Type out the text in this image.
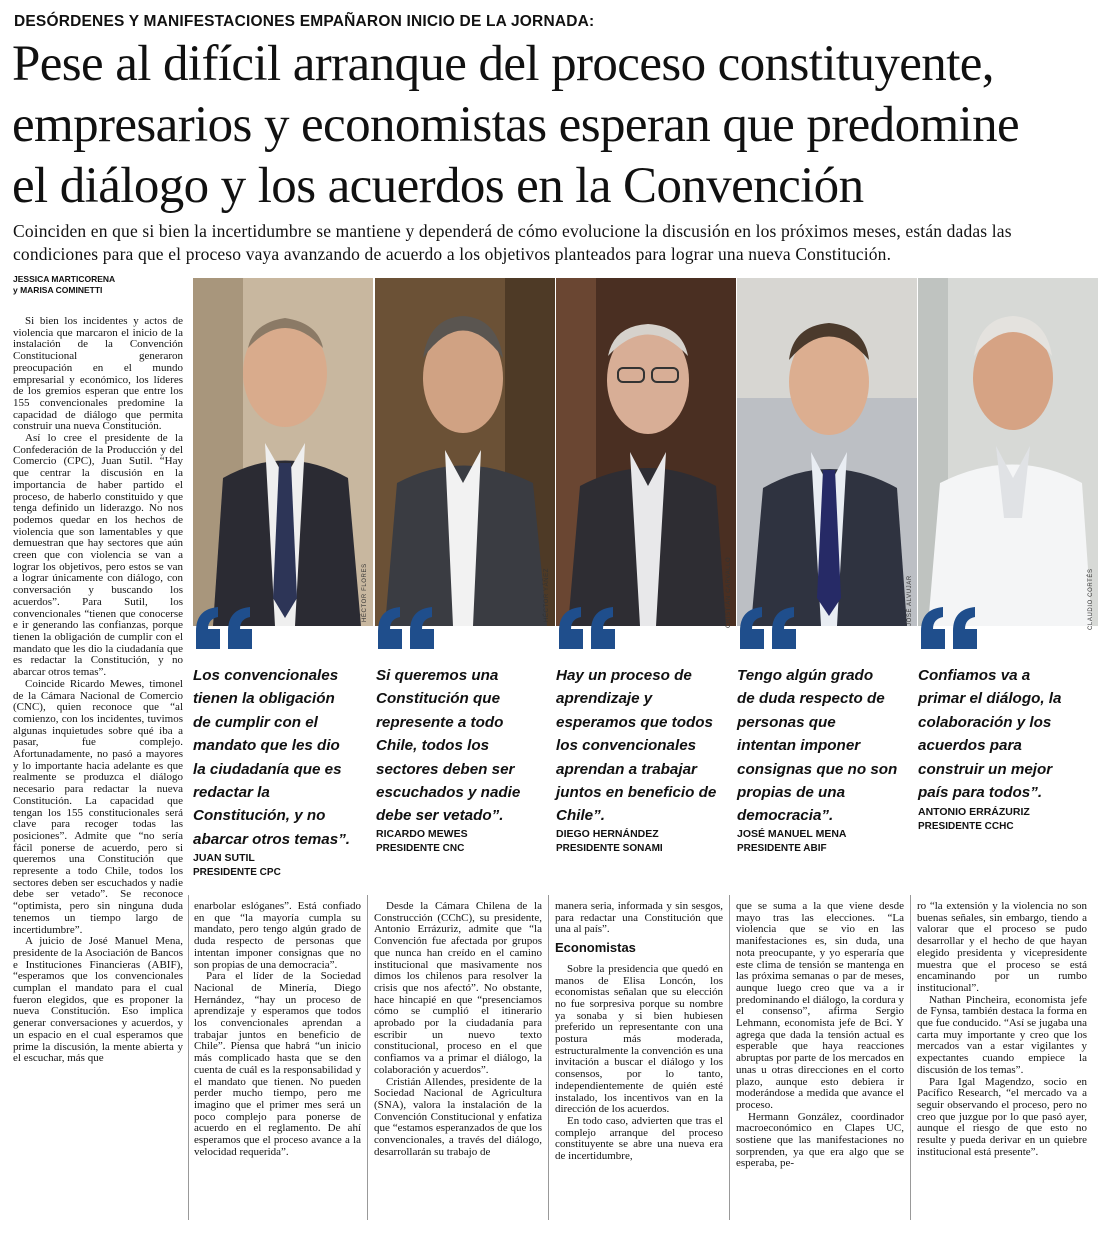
DESÓRDENES Y MANIFESTACIONES EMPAÑARON INICIO DE LA JORNADA:
Pese al difícil arranque del proceso constituyente,
empresarios y economistas esperan que predomine
el diálogo y los acuerdos en la Convención

Coinciden en que si bien la incertidumbre se mantiene y dependerá de cómo evolucione la discusión en los próximos meses, están dadas las
condiciones para que el proceso vaya avanzando de acuerdo a los objetivos planteados para lograr una nueva Constitución.

JESSICA MARTICORENA
y MARISA COMINETTI

Si bien los incidentes y actos de violencia que marcaron el inicio de la instalación de la Convención Constitucional generaron preocupación en el mundo empresarial y económico, los líderes de los gremios esperan que entre los 155 convencionales predomine la capacidad de diálogo que permita construir una nueva Constitución.

Así lo cree el presidente de la Confederación de la Producción y del Comercio (CPC), Juan Sutil. “Hay que centrar la discusión en la importancia de haber partido el proceso, de haberlo constituido y que tenga definido un liderazgo. No nos podemos quedar en los hechos de violencia que son lamentables y que demuestran que hay sectores que aún creen que con violencia se van a lograr los objetivos, pero estos se van a lograr únicamente con diálogo, con conversación y buscando los acuerdos”. Para Sutil, los convencionales “tienen que conocerse e ir generando las confianzas, porque tienen la obligación de cumplir con el mandato que les dio la ciudadanía que es redactar la Constitución, y no abarcar otros temas”.

Coincide Ricardo Mewes, timonel de la Cámara Nacional de Comercio (CNC), quien reconoce que “al comienzo, con los incidentes, tuvimos algunas inquietudes sobre qué iba a pasar, fue complejo. Afortunadamente, no pasó a mayores y lo importante hacia adelante es que realmente se produzca el diálogo necesario para redactar la nueva Constitución. La capacidad que tengan los 155 constitucionales será clave para recoger todas las posiciones”. Admite que “no sería fácil ponerse de acuerdo, pero si queremos una Constitución que represente a todo Chile, todos los sectores deben ser escuchados y nadie debe ser vetado”. Se reconoce “optimista, pero sin ninguna duda tenemos un tiempo largo de incertidumbre”.

A juicio de José Manuel Mena, presidente de la Asociación de Bancos e Instituciones Financieras (ABIF), “esperamos que los convencionales cumplan el mandato para el cual fueron elegidos, que es proponer la nueva Constitución. Eso implica generar conversaciones y acuerdos, y un espacio en el cual esperamos que prime la discusión, la mente abierta y el escuchar, más que

HÉCTOR FLORES

Los convencionales
tienen la obligación
de cumplir con el
mandato que les dio
la ciudadanía que es
redactar la
Constitución, y no
abarcar otros temas”.

JUAN SUTIL
PRESIDENTE CPC
HÉCTOR YÁÑEZ

Si queremos una
Constitución que
represente a todo
Chile, todos los
sectores deben ser
escuchados y nadie
debe ser vetado”.

RICARDO MEWES
PRESIDENTE CNC
CRISTIÁN CARVALLO

Hay un proceso de
aprendizaje y
esperamos que todos
los convencionales
aprendan a trabajar
juntos en beneficio de
Chile”.

DIEGO HERNÁNDEZ
PRESIDENTE SONAMI
JOSÉ ALVUJAR

Tengo algún grado
de duda respecto de
personas que
intentan imponer
consignas que no son
propias de una
democracia”.

JOSÉ MANUEL MENA
PRESIDENTE ABIF
CLAUDIO CORTÉS

Confiamos va a
primar el diálogo, la
colaboración y los
acuerdos para
construir un mejor
país para todos”.

ANTONIO ERRÁZURIZ
PRESIDENTE CCHC

enarbolar eslóganes”. Está confiado en que “la mayoría cumpla su mandato, pero tengo algún grado de duda respecto de personas que intentan imponer consignas que no son propias de una democracia”.

Para el líder de la Sociedad Nacional de Minería, Diego Hernández, “hay un proceso de aprendizaje y esperamos que todos los convencionales aprendan a trabajar juntos en beneficio de Chile”. Piensa que habrá “un inicio más complicado hasta que se den cuenta de cuál es la responsabilidad y el mandato que tienen. No pueden perder mucho tiempo, pero me imagino que el primer mes será un poco complejo para ponerse de acuerdo en el reglamento. De ahí esperamos que el proceso avance a la velocidad requerida”.

Desde la Cámara Chilena de la Construcción (CChC), su presidente, Antonio Errázuriz, admite que “la Convención fue afectada por grupos que nunca han creído en el camino institucional que masivamente nos dimos los chilenos para resolver la crisis que nos afectó”. No obstante, hace hincapié en que “presenciamos cómo se cumplió el itinerario aprobado por la ciudadanía para escribir un nuevo texto constitucional, proceso en el que confiamos va a primar el diálogo, la colaboración y acuerdos”.

Cristián Allendes, presidente de la Sociedad Nacional de Agricultura (SNA), valora la instalación de la Convención Constitucional y enfatiza que “estamos esperanzados de que los convencionales, a través del diálogo, desarrollarán su trabajo de

manera seria, informada y sin sesgos, para redactar una Constitución que una al país”.

Economistas

Sobre la presidencia que quedó en manos de Elisa Loncón, los economistas señalan que su elección no fue sorpresiva porque su nombre ya sonaba y si bien hubiesen preferido un representante con una postura más moderada, estructuralmente la convención es una invitación a buscar el diálogo y los consensos, por lo tanto, independientemente de quién esté instalado, los incentivos van en la dirección de los acuerdos.

En todo caso, advierten que tras el complejo arranque del proceso constituyente se abre una nueva era de incertidumbre,

que se suma a la que viene desde mayo tras las elecciones. “La violencia que se vio en las manifestaciones es, sin duda, una nota preocupante, y yo esperaría que este clima de tensión se mantenga en las próxima semanas o par de meses, aunque luego creo que va a ir predominando el diálogo, la cordura y el consenso”, afirma Sergio Lehmann, economista jefe de Bci. Y agrega que dada la tensión actual es esperable que haya reacciones abruptas por parte de los mercados en unas u otras direcciones en el corto plazo, aunque esto debiera ir moderándose a medida que avance el proceso.

Hermann González, coordinador macroeconómico en Clapes UC, sostiene que las manifestaciones no sorprenden, ya que era algo que se esperaba, pe-

ro “la extensión y la violencia no son buenas señales, sin embargo, tiendo a valorar que el proceso se pudo desarrollar y el hecho de que hayan elegido presidenta y vicepresidente muestra que el proceso se está encaminando por un rumbo institucional”.

Nathan Pincheira, economista jefe de Fynsa, también destaca la forma en que fue conducido. “Así se jugaba una carta muy importante y creo que los mercados van a estar vigilantes y expectantes cuando empiece la discusión de los temas”.

Para Igal Magendzo, socio en Pacífico Research, “el mercado va a seguir observando el proceso, pero no creo que juzgue por lo que pasó ayer, aunque el riesgo de que esto no resulte y pueda derivar en un quiebre institucional está presente”.
